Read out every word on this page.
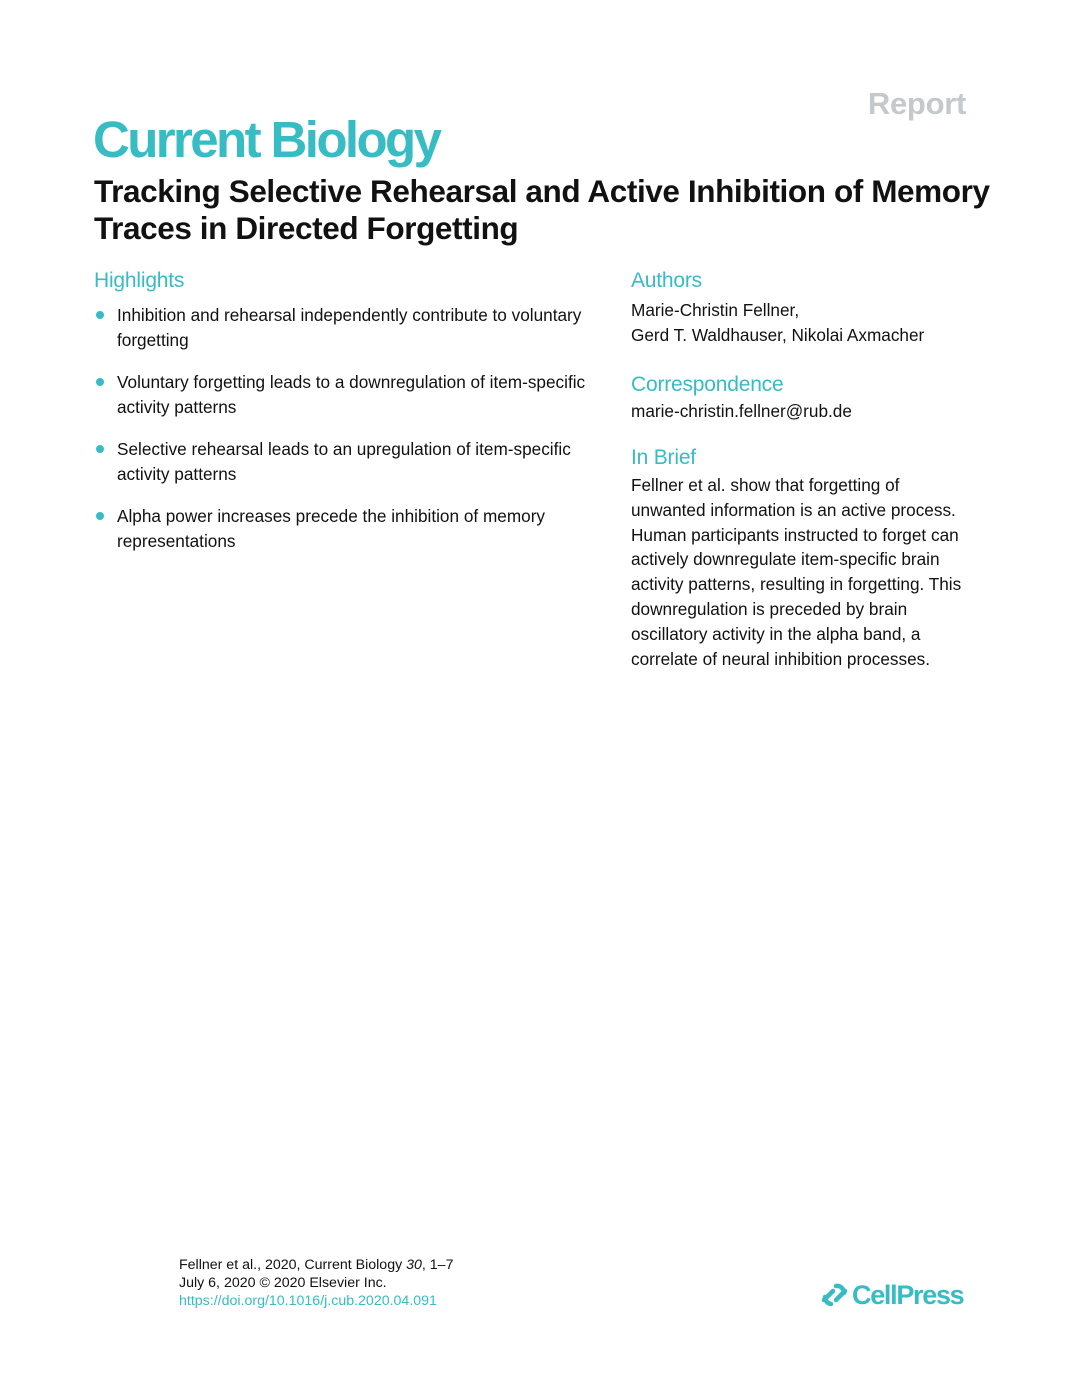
Report
Current Biology
Tracking Selective Rehearsal and Active Inhibition of Memory Traces in Directed Forgetting
Highlights
Inhibition and rehearsal independently contribute to voluntary forgetting
Voluntary forgetting leads to a downregulation of item-specific activity patterns
Selective rehearsal leads to an upregulation of item-specific activity patterns
Alpha power increases precede the inhibition of memory representations
Authors
Marie-Christin Fellner,
Gerd T. Waldhauser, Nikolai Axmacher
Correspondence
marie-christin.fellner@rub.de
In Brief
Fellner et al. show that forgetting of unwanted information is an active process. Human participants instructed to forget can actively downregulate item-specific brain activity patterns, resulting in forgetting. This downregulation is preceded by brain oscillatory activity in the alpha band, a correlate of neural inhibition processes.
Fellner et al., 2020, Current Biology 30, 1–7
July 6, 2020 © 2020 Elsevier Inc.
https://doi.org/10.1016/j.cub.2020.04.091	CellPress
